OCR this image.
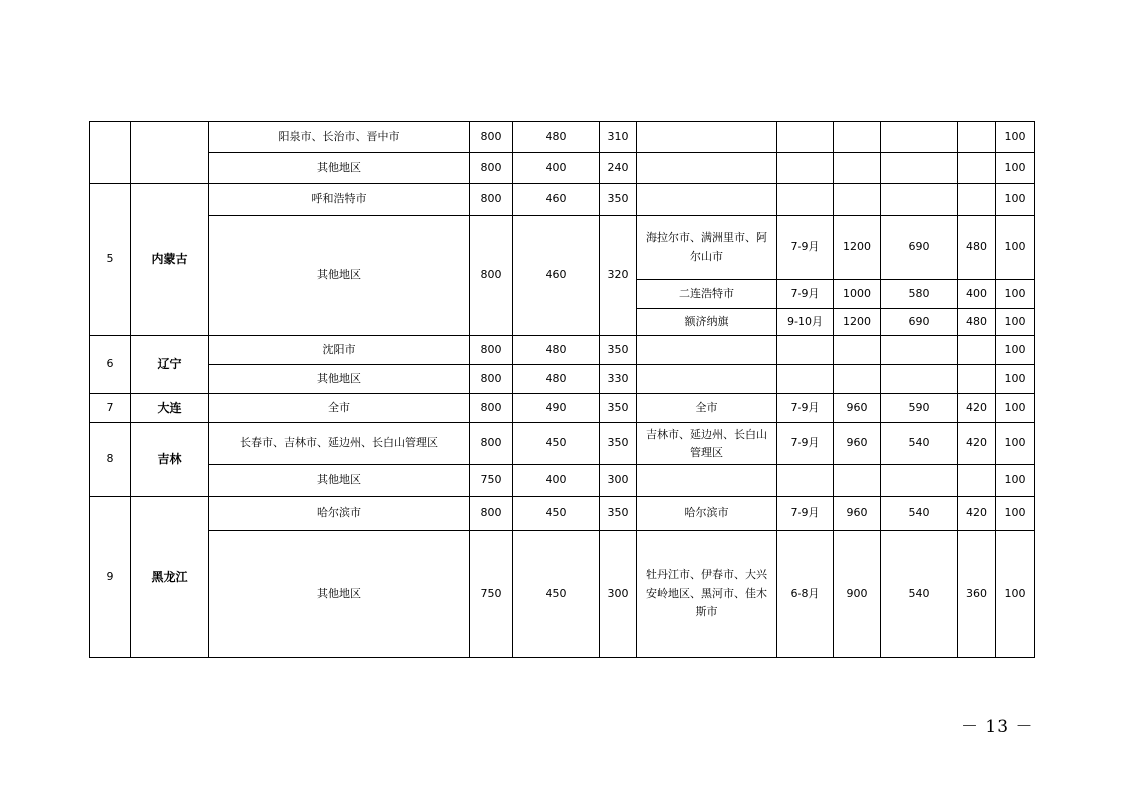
		阳泉市、长治市、晋中市	800	480	310						100
		其他地区	800	400	240						100
5	内蒙古	呼和浩特市	800	460	350						100
		其他地区	800	460	320	海拉尔市、满洲里市、阿尔山市	7-9月	1200	690	480	100
						二连浩特市	7-9月	1000	580	400	100
						额济纳旗	9-10月	1200	690	480	100
6	辽宁	沈阳市	800	480	350						100
		其他地区	800	480	330						100
7	大连	全市	800	490	350	全市	7-9月	960	590	420	100
8	吉林	长春市、吉林市、延边州、长白山管理区	800	450	350	吉林市、延边州、长白山管理区	7-9月	960	540	420	100
		其他地区	750	400	300						100
9	黑龙江	哈尔滨市	800	450	350	哈尔滨市	7-9月	960	540	420	100
		其他地区	750	450	300	牡丹江市、伊春市、大兴安岭地区、黑河市、佳木斯市	6-8月	900	540	360	100
－ 13 －
